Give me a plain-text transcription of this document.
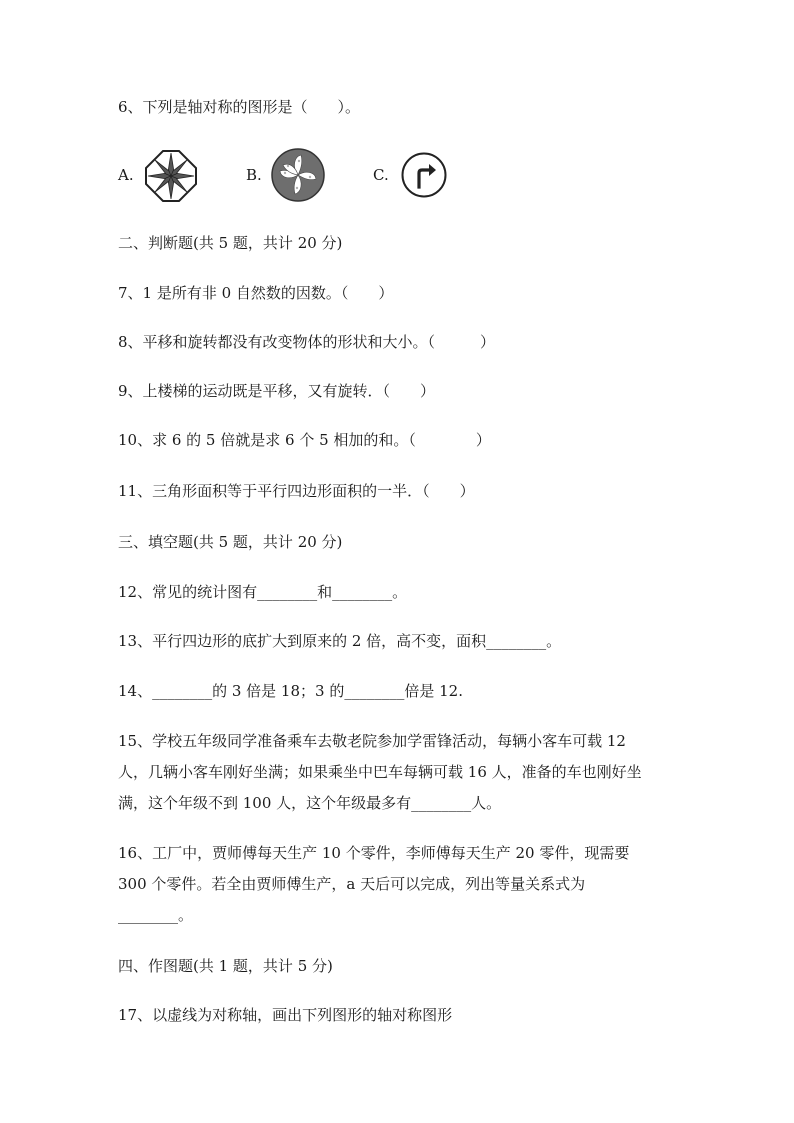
6、下列是轴对称的图形是（　　）。
A.	B.	C.
二、判断题(共 5 题，共计 20 分)
7、1 是所有非 0 自然数的因数。（　　）
8、平移和旋转都没有改变物体的形状和大小。（　　　）
9、上楼梯的运动既是平移，又有旋转．（　　）
10、求 6 的 5 倍就是求 6 个 5 相加的和。（　　　　）
11、三角形面积等于平行四边形面积的一半．（　　）
三、填空题(共 5 题，共计 20 分)
12、常见的统计图有________和________。
13、平行四边形的底扩大到原来的 2 倍，高不变，面积________。
14、________的 3 倍是 18；3 的________倍是 12.
15、学校五年级同学准备乘车去敬老院参加学雷锋活动，每辆小客车可载 12
人，几辆小客车刚好坐满；如果乘坐中巴车每辆可载 16 人，准备的车也刚好坐
满，这个年级不到 100 人，这个年级最多有________人。
16、工厂中，贾师傅每天生产 10 个零件，李师傅每天生产 20 零件，现需要
300 个零件。若全由贾师傅生产，a 天后可以完成，列出等量关系式为
________。
四、作图题(共 1 题，共计 5 分)
17、以虚线为对称轴，画出下列图形的轴对称图形
